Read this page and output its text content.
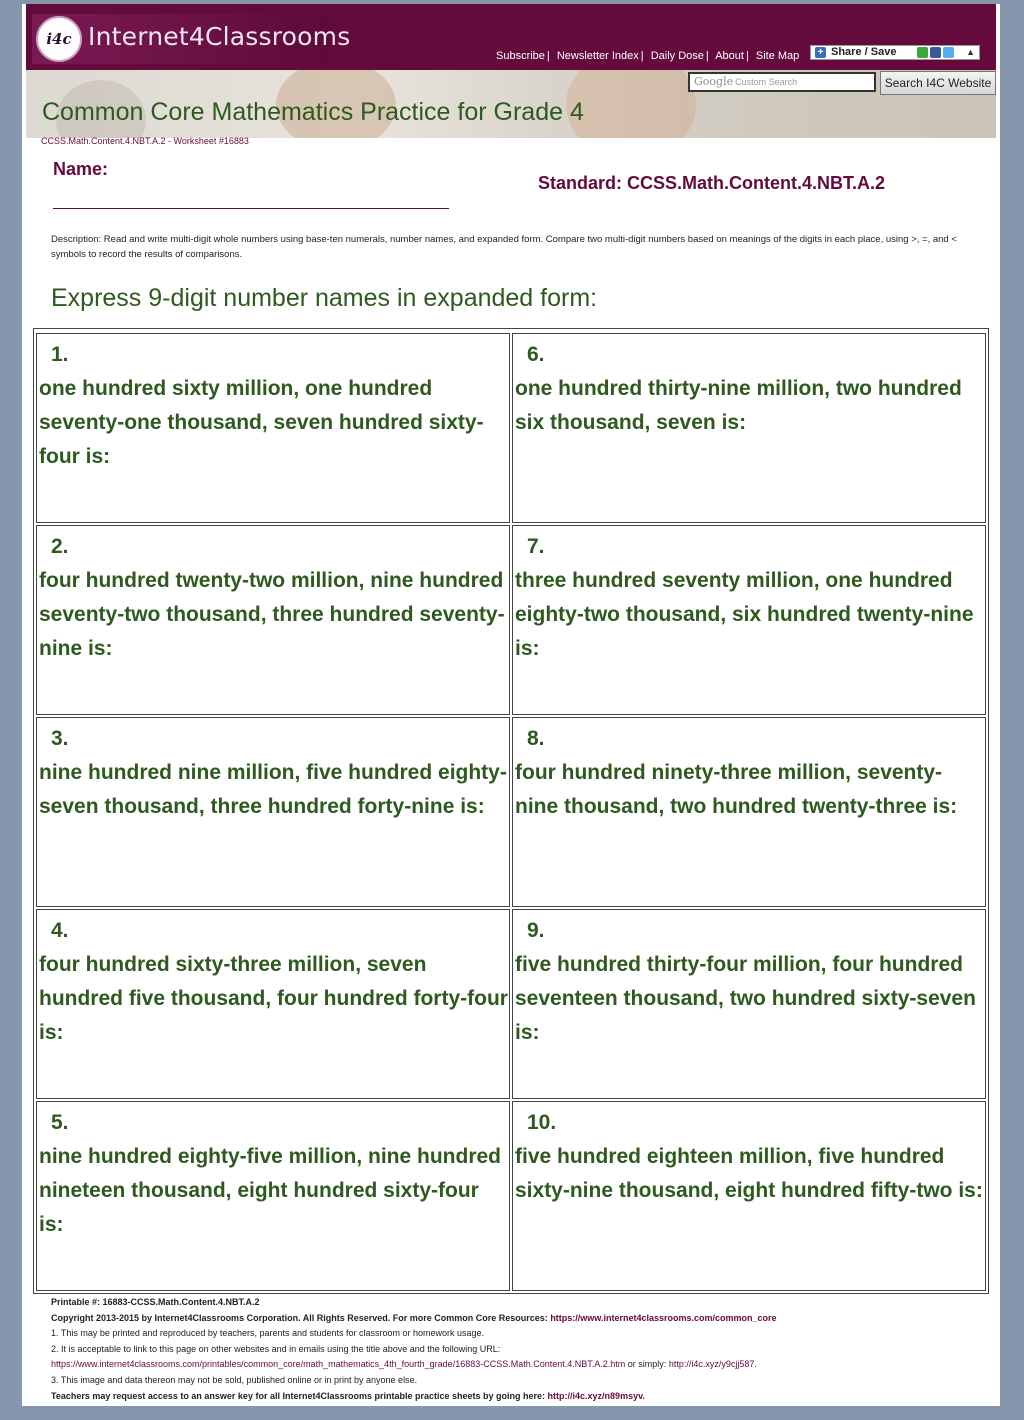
i4c Internet4Classrooms
Subscribe | Newsletter Index | Daily Dose | About | Site Map + Share / Save	▲︎
Common Core Mathematics Practice for Grade 4
Google Custom Search	Search I4C Website
CCSS.Math.Content.4.NBT.A.2 - Worksheet #16883
Name:
Standard: CCSS.Math.Content.4.NBT.A.2
Description: Read and write multi-digit whole numbers using base-ten numerals, number names, and expanded form. Compare two multi-digit numbers based on meanings of the digits in each place, using >, =, and < symbols to record the results of comparisons.
Express 9-digit number names in expanded form:
1.
one hundred sixty million, one hundred seventy-one thousand, seven hundred sixty-four is:
2.
four hundred twenty-two million, nine hundred seventy-two thousand, three hundred seventy-nine is:
3.
nine hundred nine million, five hundred eighty-seven thousand, three hundred forty-nine is:
4.
four hundred sixty-three million, seven hundred five thousand, four hundred forty-four is:
5.
nine hundred eighty-five million, nine hundred nineteen thousand, eight hundred sixty-four is:
6.
one hundred thirty-nine million, two hundred six thousand, seven is:
7.
three hundred seventy million, one hundred eighty-two thousand, six hundred twenty-nine is:
8.
four hundred ninety-three million, seventy-nine thousand, two hundred twenty-three is:
9.
five hundred thirty-four million, four hundred seventeen thousand, two hundred sixty-seven is:
10.
five hundred eighteen million, five hundred sixty-nine thousand, eight hundred fifty-two is:
Printable #: 16883-CCSS.Math.Content.4.NBT.A.2
Copyright 2013-2015 by Internet4Classrooms Corporation. All Rights Reserved. For more Common Core Resources: https://www.internet4classrooms.com/common_core
1. This may be printed and reproduced by teachers, parents and students for classroom or homework usage.
2. It is acceptable to link to this page on other websites and in emails using the title above and the following URL:
https://www.internet4classrooms.com/printables/common_core/math_mathematics_4th_fourth_grade/16883-CCSS.Math.Content.4.NBT.A.2.htm or simply: http://i4c.xyz/y9cjj587.
3. This image and data thereon may not be sold, published online or in print by anyone else.
Teachers may request access to an answer key for all Internet4Classrooms printable practice sheets by going here: http://i4c.xyz/n89msyv.
